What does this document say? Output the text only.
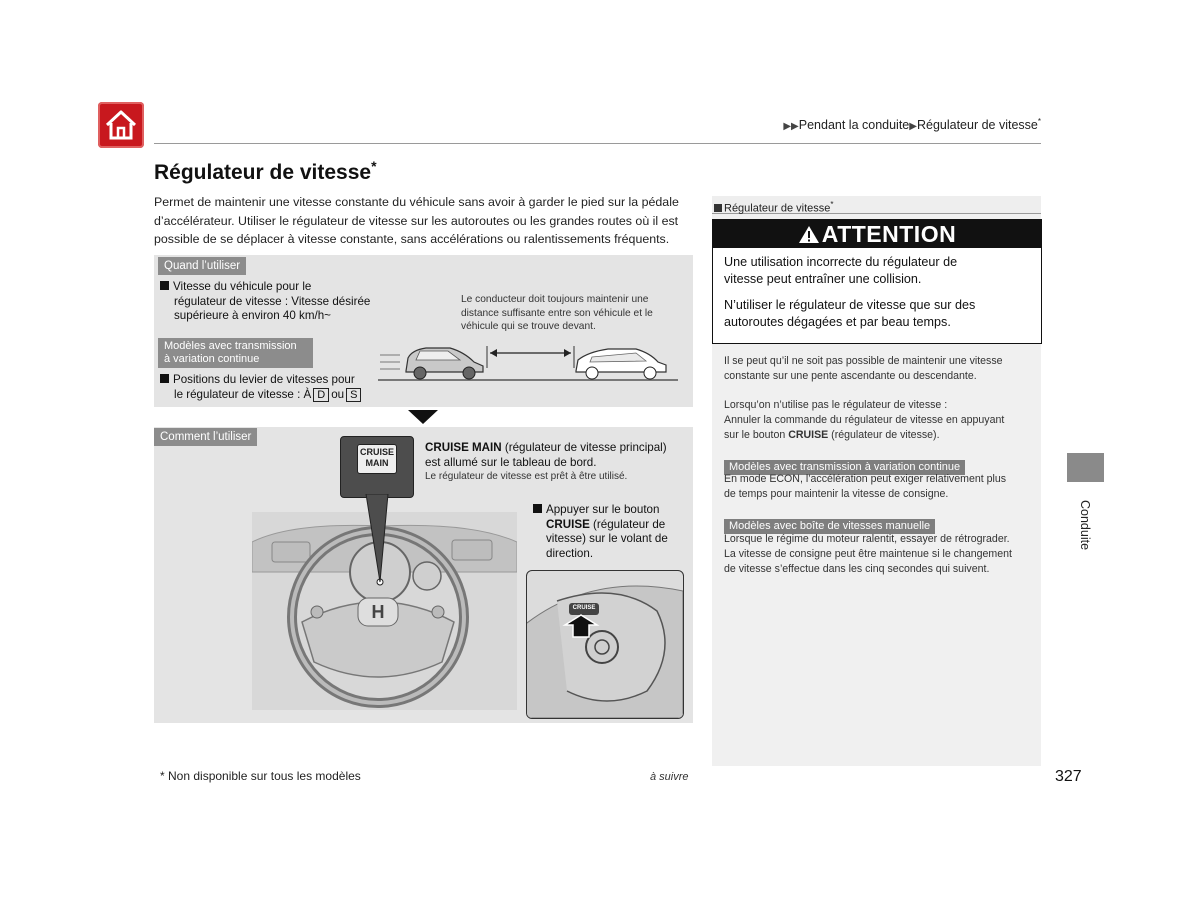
▶▶Pendant la conduite▶Régulateur de vitesse*
Régulateur de vitesse*
Permet de maintenir une vitesse constante du véhicule sans avoir à garder le pied sur la pédale d’accélérateur. Utiliser le régulateur de vitesse sur les autoroutes ou les grandes routes où il est possible de se déplacer à vitesse constante, sans accélérations ou ralentissements fréquents.
Quand l’utiliser
Vitesse du véhicule pour le
régulateur de vitesse : Vitesse désirée
supérieure à environ 40 km/h~
Modèles avec transmission
à variation continue
Positions du levier de vitesses pour
le régulateur de vitesse : À D ou S
Le conducteur doit toujours maintenir une
distance suffisante entre son véhicule et le
véhicule qui se trouve devant.
Comment l’utiliser
H
CRUISE
MAIN
CRUISE MAIN (régulateur de vitesse principal)
est allumé sur le tableau de bord.
Le régulateur de vitesse est prêt à être utilisé.
Appuyer sur le bouton
CRUISE (régulateur de
vitesse) sur le volant de
direction.
CRUISE
Régulateur de vitesse*
ATTENTION
Une utilisation incorrecte du régulateur de
vitesse peut entraîner une collision.
N’utiliser le régulateur de vitesse que sur des
autoroutes dégagées et par beau temps.
Il se peut qu’il ne soit pas possible de maintenir une vitesse
constante sur une pente ascendante ou descendante.
Lorsqu’on n’utilise pas le régulateur de vitesse :
Annuler la commande du régulateur de vitesse en appuyant
sur le bouton CRUISE (régulateur de vitesse).
Modèles avec transmission à variation continue
En mode ECON, l’accélération peut exiger relativement plus
de temps pour maintenir la vitesse de consigne.
Modèles avec boîte de vitesses manuelle
Lorsque le régime du moteur ralentit, essayer de rétrograder.
La vitesse de consigne peut être maintenue si le changement
de vitesse s’effectue dans les cinq secondes qui suivent.
Conduite
* Non disponible sur tous les modèles	à suivre	327
